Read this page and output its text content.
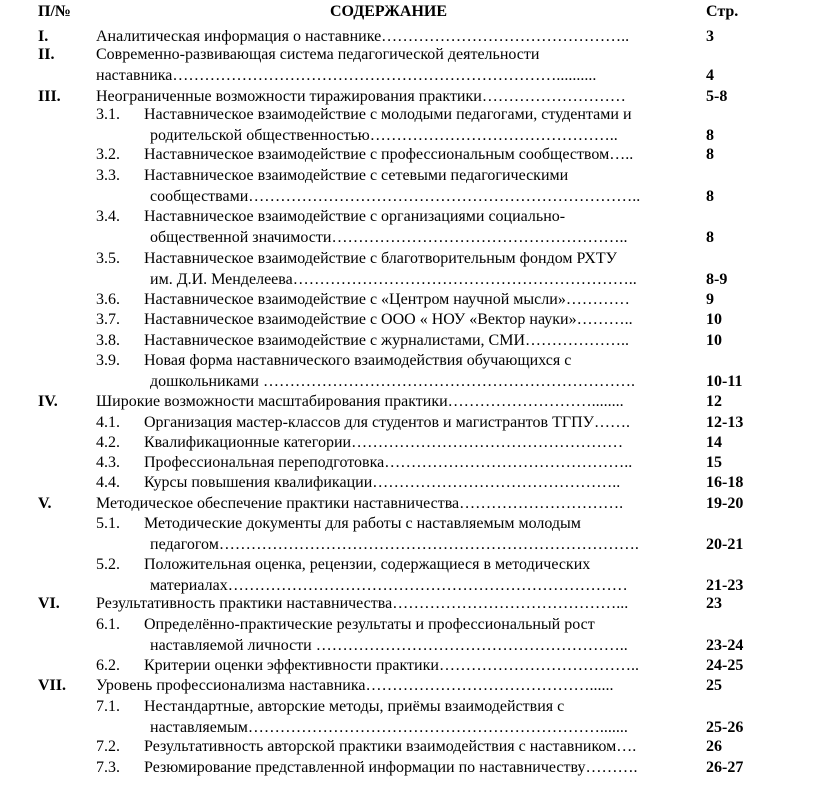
П/№	СОДЕРЖАНИЕ	Стр.
I.	Аналитическая информация о наставнике………………………………………..	3
II.	Современно-развивающая система педагогической деятельности
наставника………………………………………………………………..........	4
III. Неограниченные возможности тиражирования практики………………………	5-8
3.1. Наставническое взаимодействие с молодыми педагогами, студентами и
родительской общественностью………………………………………..	8
3.2. Наставническое взаимодействие с профессиональным сообществом…..	8
3.3. Наставническое взаимодействие с сетевыми педагогическими
сообществами………………………………………………………………..	8
3.4. Наставническое взаимодействие с организациями социально-
общественной значимости………………………………………………..	8
3.5. Наставническое взаимодействие с благотворительным фондом РХТУ
им. Д.И. Менделеева………………………………………………………..	8-9
3.6. Наставническое взаимодействие с «Центром научной мысли»…………	9
3.7. Наставническое взаимодействие с ООО « НОУ «Вектор науки»………..	10
3.8. Наставническое взаимодействие с журналистами, СМИ………………..	10
3.9. Новая форма наставнического взаимодействия обучающихся с
дошкольниками …………………………………………………………….	10-11
IV. Широкие возможности масштабирования практики………………………........	12
4.1. Организация мастер-классов для студентов и магистрантов ТГПУ…….	12-13
4.2. Квалификационные категории……………………………………………	14
4.3. Профессиональная переподготовка………………………………………..	15
4.4. Курсы повышения квалификации………………………………………..	16-18
V.	Методическое обеспечение практики наставничества………………………….	19-20
5.1. Методические документы для работы с наставляемым молодым
педагогом…………………………………………………………………….	20-21
5.2. Положительная оценка, рецензии, содержащиеся в методических
материалах…………………………………………………………………	21-23
VI. Результативность практики наставничества……………………………………...	23
6.1. Определённо-практические результаты и профессиональный рост
наставляемой личности …………………………………………………..	23-24
6.2. Критерии оценки эффективности практики………………………………..	24-25
VII. Уровень профессионализма наставника……………………………………......	25
7.1. Нестандартные, авторские методы, приёмы взаимодействия с
наставляемым………………………………………………………….......	25-26
7.2. Результативность авторской практики взаимодействия с наставником….	26
7.3. Резюмирование представленной информации по наставничеству……….	26-27
